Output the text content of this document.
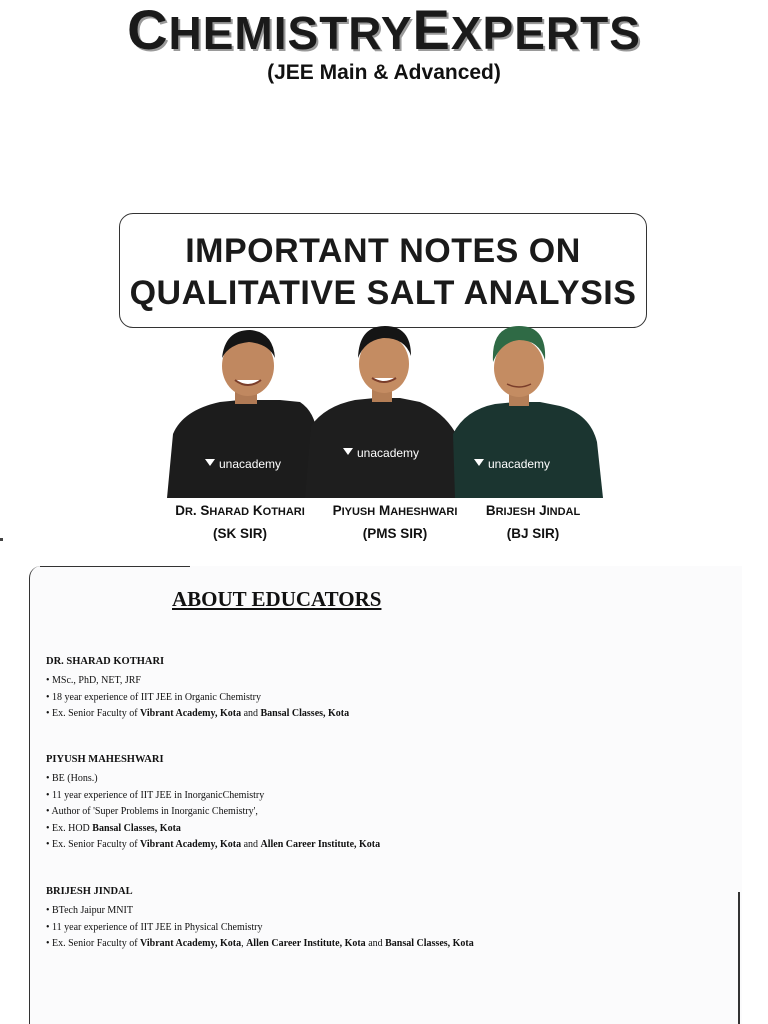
CHEMISTRYEXPERTS
(JEE Main & Advanced)
IMPORTANT NOTES ON
QUALITATIVE SALT ANALYSIS
unacademy
unacademy
unacademy
DR. SHARAD KOTHARI
(SK SIR)
PIYUSH MAHESHWARI
(PMS SIR)
BRIJESH JINDAL
(BJ SIR)
ABOUT EDUCATORS
DR. SHARAD KOTHARI
• MSc., PhD, NET, JRF
• 18 year experience of IIT JEE in Organic Chemistry
• Ex. Senior Faculty of Vibrant Academy, Kota and Bansal Classes, Kota
PIYUSH MAHESHWARI
• BE (Hons.)
• 11 year experience of IIT JEE in InorganicChemistry
• Author of 'Super Problems in Inorganic Chemistry',
• Ex. HOD Bansal Classes, Kota
• Ex. Senior Faculty of Vibrant Academy, Kota and Allen Career Institute, Kota
BRIJESH JINDAL
• BTech Jaipur MNIT
• 11 year experience of IIT JEE in Physical Chemistry
• Ex. Senior Faculty of Vibrant Academy, Kota, Allen Career Institute, Kota and Bansal Classes, Kota
